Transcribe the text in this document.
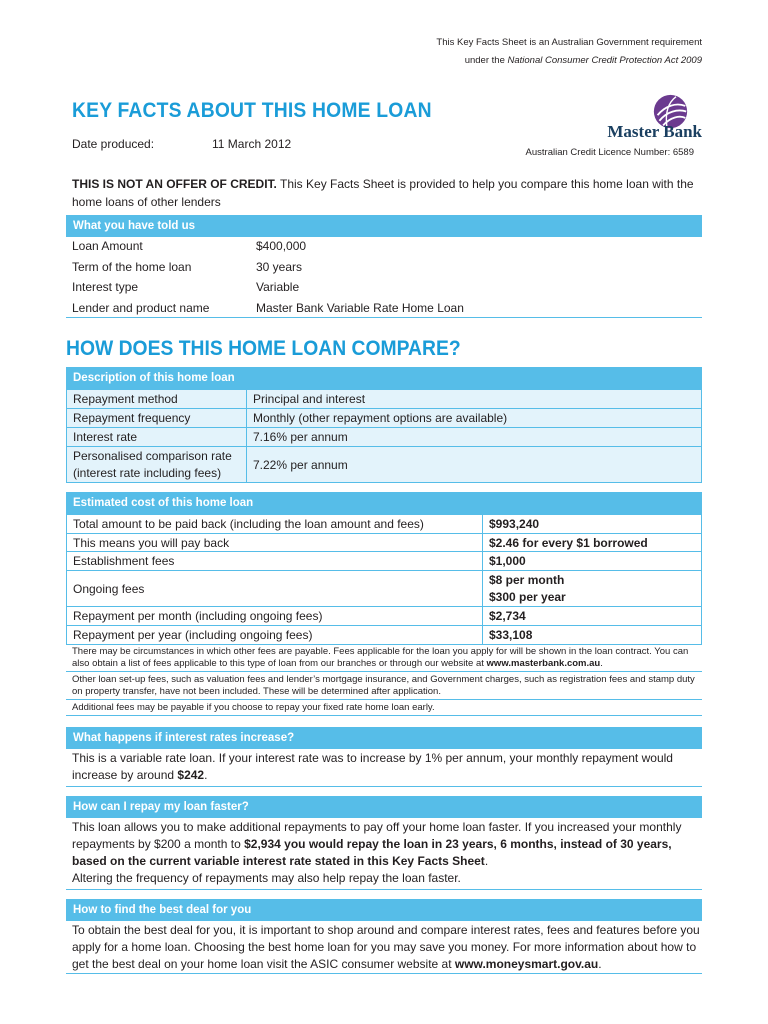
This Key Facts Sheet is an Australian Government requirement
under the National Consumer Credit Protection Act 2009
KEY FACTS ABOUT THIS HOME LOAN
Date produced:	11 March 2012
Master Bank
Australian Credit Licence Number: 6589
THIS IS NOT AN OFFER OF CREDIT. This Key Facts Sheet is provided to help you compare this home loan with the home loans of other lenders
What you have told us
Loan Amount	$400,000
Term of the home loan	30 years
Interest type	Variable
Lender and product name	Master Bank Variable Rate Home Loan
HOW DOES THIS HOME LOAN COMPARE?
Description of this home loan
Repayment method	Principal and interest
Repayment frequency	Monthly (other repayment options are available)
Interest rate	7.16% per annum

Personalised comparison rate
(interest rate including fees)	7.22% per annum
Estimated cost of this home loan
Total amount to be paid back (including the loan amount and fees)	$993,240
This means you will pay back	$2.46 for every $1 borrowed
Establishment fees	$1,000
Ongoing fees	$8 per month
$300 per year

Repayment per month (including ongoing fees)	$2,734
Repayment per year (including ongoing fees)	$33,108
There may be circumstances in which other fees are payable. Fees applicable for the loan you apply for will be shown in the loan contract. You can also obtain a list of fees applicable to this type of loan from our branches or through our website at www.masterbank.com.au.
Other loan set-up fees, such as valuation fees and lender’s mortgage insurance, and Government charges, such as registration fees and stamp duty on property transfer, have not been included. These will be determined after application.
Additional fees may be payable if you choose to repay your fixed rate home loan early.
What happens if interest rates increase?
This is a variable rate loan. If your interest rate was to increase by 1% per annum, your monthly repayment would increase by around $242.
How can I repay my loan faster?
This loan allows you to make additional repayments to pay off your home loan faster. If you increased your monthly repayments by $200 a month to $2,934 you would repay the loan in 23 years, 6 months, instead of 30 years, based on the current variable interest rate stated in this Key Facts Sheet.
Altering the frequency of repayments may also help repay the loan faster.
How to find the best deal for you
To obtain the best deal for you, it is important to shop around and compare interest rates, fees and features before you apply for a home loan. Choosing the best home loan for you may save you money. For more information about how to get the best deal on your home loan visit the ASIC consumer website at www.moneysmart.gov.au.
